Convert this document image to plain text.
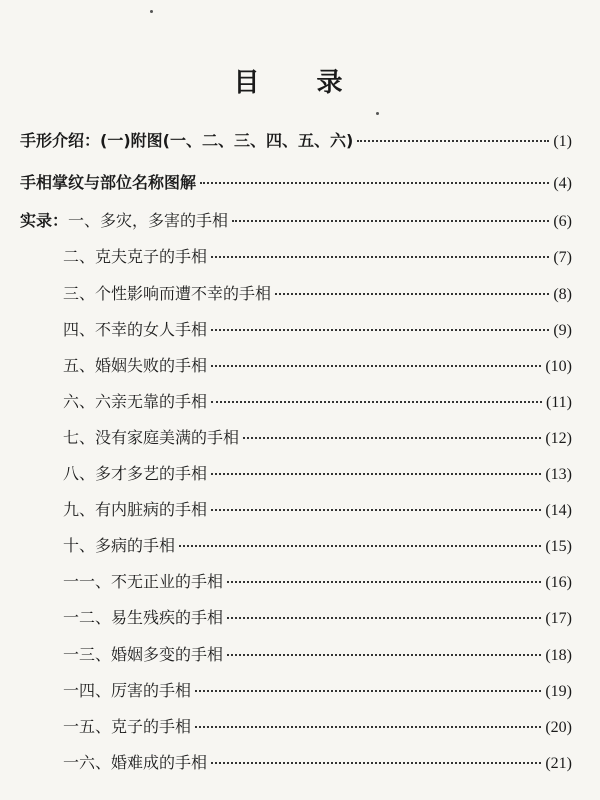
目 录
手形介绍：(一)附图(一、二、三、四、五、六)	(1)
手相掌纹与部位名称图解	(4)
实录：一、多灾，多害的手相	(6)
二、克夫克子的手相	(7)
三、个性影响而遭不幸的手相	(8)
四、不幸的女人手相	(9)
五、婚姻失败的手相	(10)
六、六亲无靠的手相	(11)
七、没有家庭美满的手相	(12)
八、多才多艺的手相	(13)
九、有内脏病的手相	(14)
十、多病的手相	(15)
一一、不无正业的手相	(16)
一二、易生残疾的手相	(17)
一三、婚姻多变的手相	(18)
一四、厉害的手相	(19)
一五、克子的手相	(20)
一六、婚难成的手相	(21)
